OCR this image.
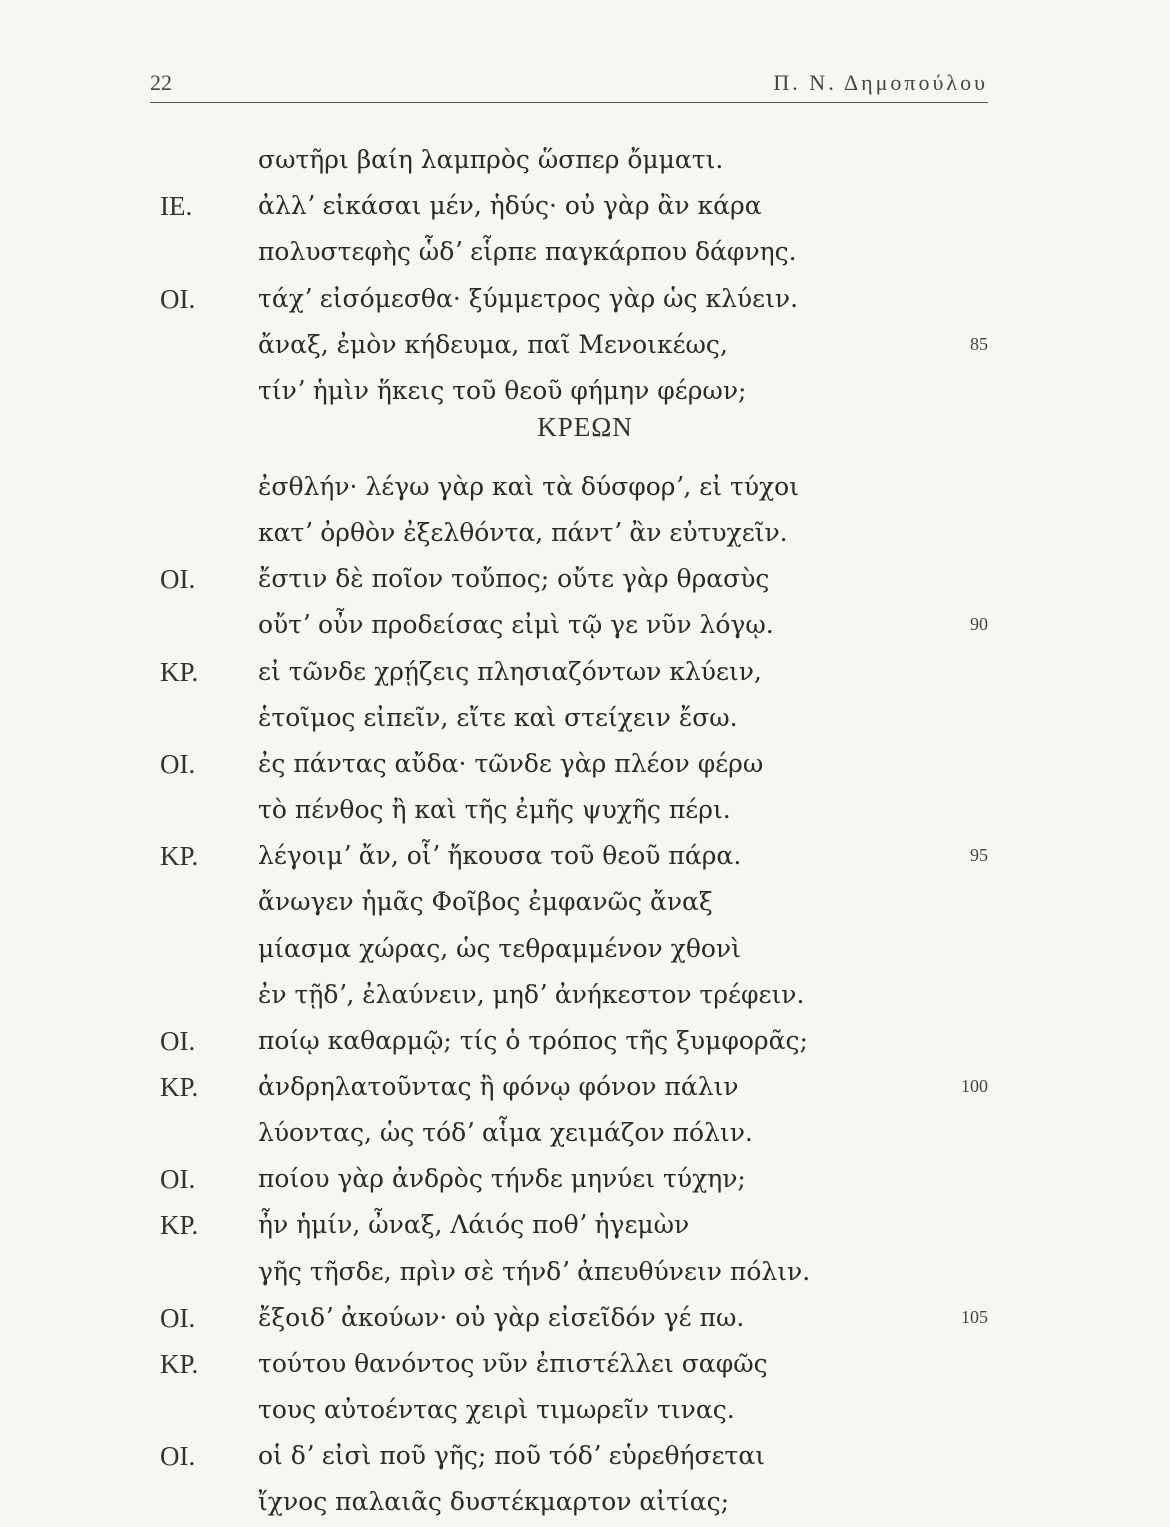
22	Π. Ν. Δημοπούλου
σωτῆρι βαίη λαμπρὸς ὥσπερ ὄμματι.
ΙΕ.	ἀλλʼ εἰκάσαι μέν, ἡδύς· οὐ γὰρ ἂν κάρα
πολυστεφὴς ὧδʼ εἷρπε παγκάρπου δάφνης.
ΟΙ.	τάχʼ εἰσόμεσθα· ξύμμετρος γὰρ ὡς κλύειν.
ἄναξ, ἐμὸν κήδευμα, παῖ Μενοικέως,	85
τίνʼ ἡμὶν ἥκεις τοῦ θεοῦ φήμην φέρων;
ΚΡΕΩΝ
ἐσθλήν· λέγω γὰρ καὶ τὰ δύσφορʼ, εἰ τύχοι
κατʼ ὀρθὸν ἐξελθόντα, πάντʼ ἂν εὐτυχεῖν.
ΟΙ.	ἔστιν δὲ ποῖον τοὔπος; οὔτε γὰρ θρασὺς
οὔτʼ οὖν προδείσας εἰμὶ τῷ γε νῦν λόγῳ.	90
ΚΡ. εἰ τῶνδε χρῄζεις πλησιαζόντων κλύειν,
ἑτοῖμος εἰπεῖν, εἴτε καὶ στείχειν ἔσω.
ΟΙ.	ἐς πάντας αὔδα· τῶνδε γὰρ πλέον φέρω
τὸ πένθος ἢ καὶ τῆς ἐμῆς ψυχῆς πέρι.
ΚΡ. λέγοιμʼ ἄν, οἷʼ ἤκουσα τοῦ θεοῦ πάρα.	95
ἄνωγεν ἡμᾶς Φοῖβος ἐμφανῶς ἄναξ
μίασμα χώρας, ὡς τεθραμμένον χθονὶ
ἐν τῇδʼ, ἐλαύνειν, μηδʼ ἀνήκεστον τρέφειν.
ΟΙ.	ποίῳ καθαρμῷ; τίς ὁ τρόπος τῆς ξυμφορᾶς;
ΚΡ. ἀνδρηλατοῦντας ἢ φόνῳ φόνον πάλιν	100
λύοντας, ὡς τόδʼ αἷμα χειμάζον πόλιν.
ΟΙ.	ποίου γὰρ ἀνδρὸς τήνδε μηνύει τύχην;
ΚΡ. ἦν ἡμίν, ὦναξ, Λάιός ποθʼ ἡγεμὼν
γῆς τῆσδε, πρὶν σὲ τήνδʼ ἀπευθύνειν πόλιν.
ΟΙ.	ἔξοιδʼ ἀκούων· οὐ γὰρ εἰσεῖδόν γέ πω.	105
ΚΡ. τούτου θανόντος νῦν ἐπιστέλλει σαφῶς
τους αὐτοέντας χειρὶ τιμωρεῖν τινας.
ΟΙ.	οἱ δʼ εἰσὶ ποῦ γῆς; ποῦ τόδʼ εὑρεθήσεται
ἴχνος παλαιᾶς δυστέκμαρτον αἰτίας;
